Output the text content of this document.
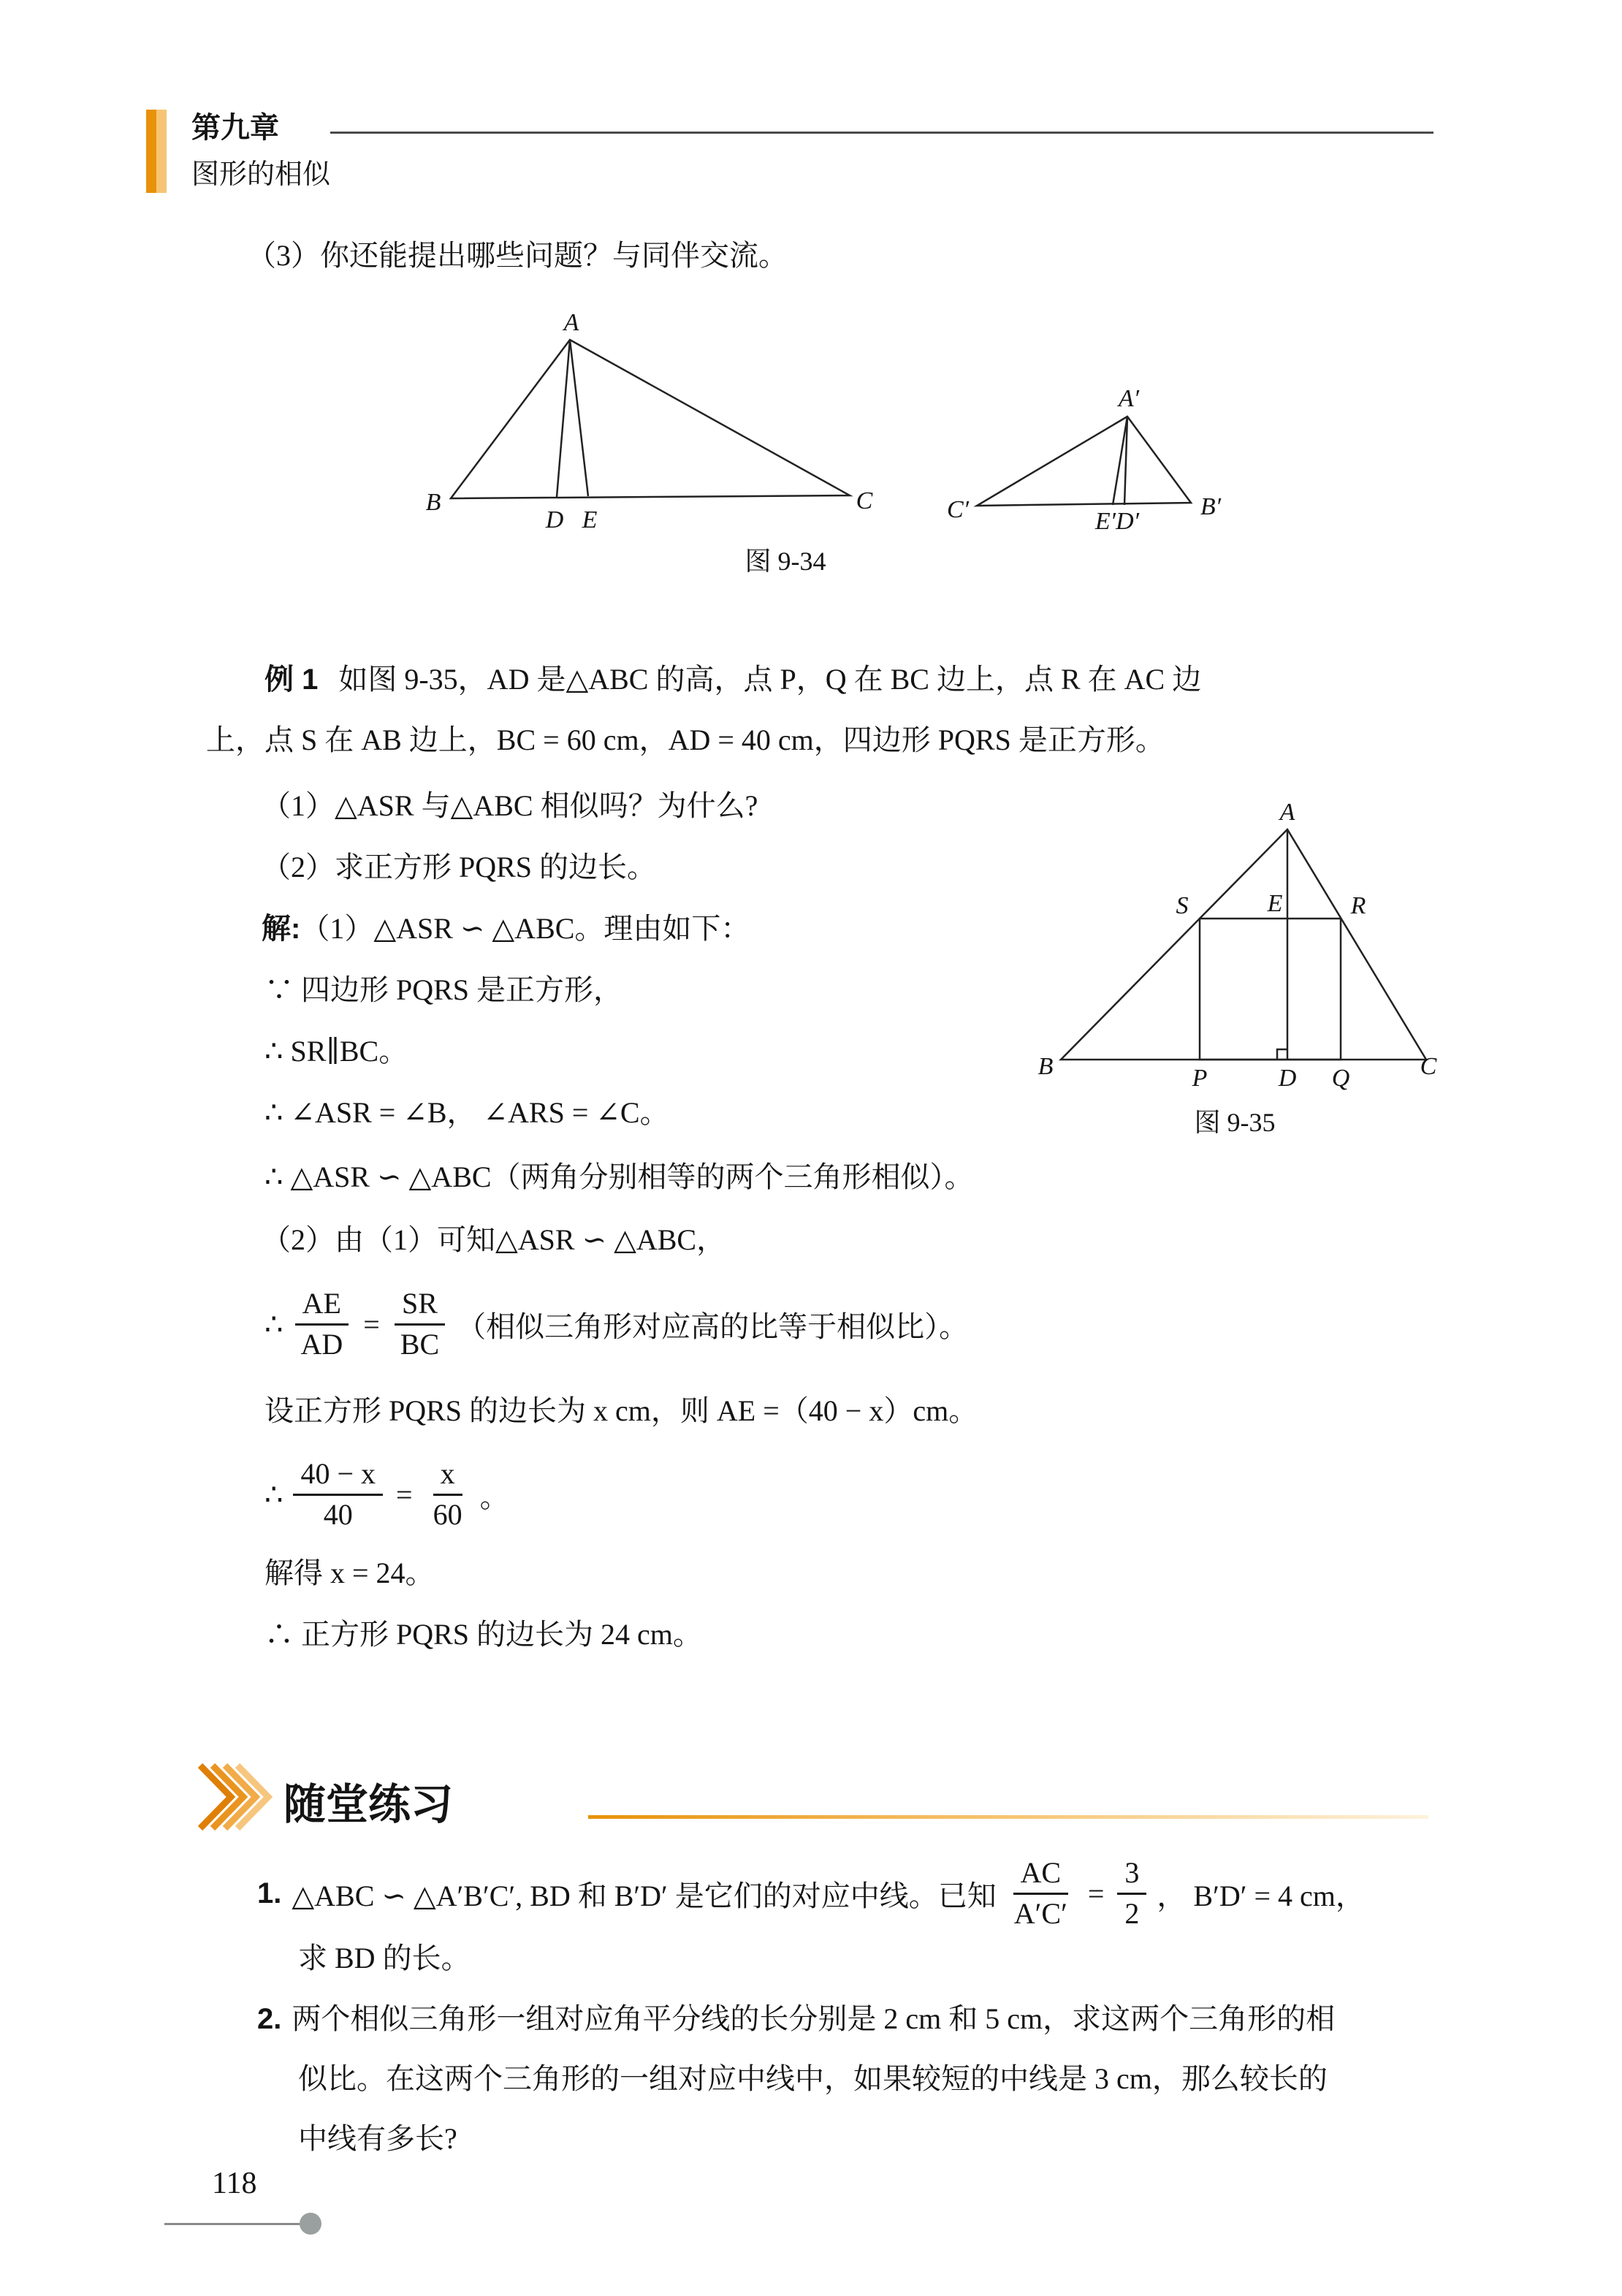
第九章
图形的相似
（3）你还能提出哪些问题？与同伴交流。
A
B	C
D E
A′
C′	B′
E′D′
图 9-34
例 1 如图 9-35，AD 是△ABC 的高，点 P，Q 在 BC 边上，点 R 在 AC 边
上，点 S 在 AB 边上，BC = 60 cm，AD = 40 cm，四边形 PQRS 是正方形。
（1）△ASR 与△ABC 相似吗？为什么?
（2）求正方形 PQRS 的边长。
解:（1）△ASR ∽ △ABC。理由如下：
∵ 四边形 PQRS 是正方形，
∴ SR∥BC。
∴ ∠ASR = ∠B， ∠ARS = ∠C。
∴ △ASR ∽ △ABC（两角分别相等的两个三角形相似）。
（2）由（1）可知△ASR ∽ △ABC，
∴ $\frac{AE}{AD} = \frac{SR}{BC}$ （相似三角形对应高的比等于相似比）。
设正方形 PQRS 的边长为 x cm，则 AE =（40 − x）cm。
∴ $\frac{40 - x}{40} = \frac{x}{60}$ 。
解得 x = 24。
∴ 正方形 PQRS 的边长为 24 cm。
A
S	E	R
B	P	D Q	C
图 9-35
随堂练习
1. △ABC ∽ △A′B′C′, BD 和 B′D′ 是它们的对应中线。已知 $\frac{AC}{A'C'} = \frac{3}{2}$ ， B′D′ = 4 cm，
求 BD 的长。
2. 两个相似三角形一组对应角平分线的长分别是 2 cm 和 5 cm，求这两个三角形的相
似比。在这两个三角形的一组对应中线中，如果较短的中线是 3 cm，那么较长的
中线有多长?
118
